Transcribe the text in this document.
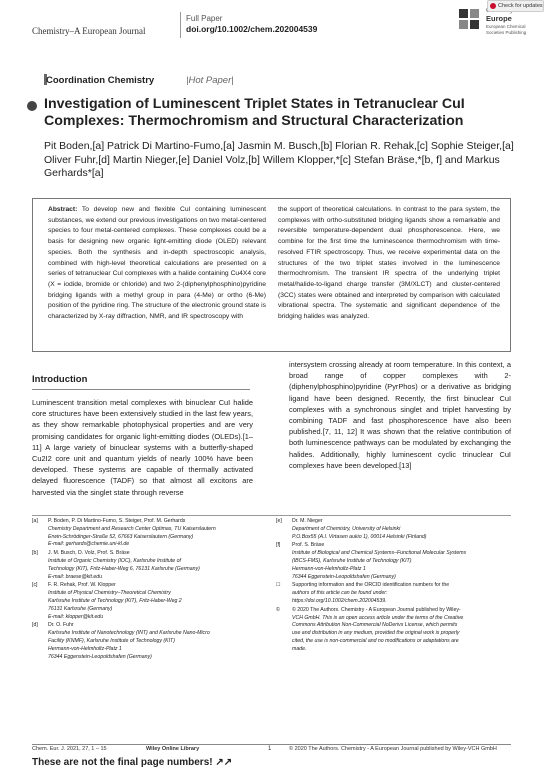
Chemistry–A European Journal
Full Paper
doi.org/10.1002/chem.202004539
Europe
European Chemical Societies Publishing
Check for updates
Coordination Chemistry	|Hot Paper|
Investigation of Luminescent Triplet States in Tetranuclear CuI Complexes: Thermochromism and Structural Characterization
Pit Boden,[a] Patrick Di Martino-Fumo,[a] Jasmin M. Busch,[b] Florian R. Rehak,[c] Sophie Steiger,[a] Oliver Fuhr,[d] Martin Nieger,[e] Daniel Volz,[b] Willem Klopper,*[c] Stefan Bräse,*[b, f] and Markus Gerhards*[a]
Abstract: To develop new and flexible CuI containing luminescent substances, we extend our previous investigations on two metal-centered species to four metal-centered complexes. These complexes could be a basis for designing new organic light-emitting diode (OLED) relevant species. Both the synthesis and in-depth spectroscopic analysis, combined with high-level theoretical calculations are presented on a series of tetranuclear CuI complexes with a halide containing Cu4X4 core (X = iodide, bromide or chloride) and two 2-(diphenylphosphino)pyridine bridging ligands with a methyl group in para (4-Me) or ortho (6-Me) position of the pyridine ring. The structure of the electronic ground state is characterized by X-ray diffraction, NMR, and IR spectroscopy with
the support of theoretical calculations. In contrast to the para system, the complexes with ortho-substituted bridging ligands show a remarkable and reversible temperature-dependent dual phosphorescence. Here, we combine for the first time the luminescence thermochromism with time-resolved FTIR spectroscopy. Thus, we receive experimental data on the structures of the two triplet states involved in the luminescence thermochromism. The transient IR spectra of the underlying triplet metal/halide-to-ligand charge transfer (3M/XLCT) and cluster-centered (3CC) states were obtained and interpreted by comparison with calculated vibrational spectra. The systematic and significant dependence of the bridging halides was analyzed.
Introduction
Luminescent transition metal complexes with binuclear CuI halide core structures have been extensively studied in the last few years, as they show remarkable photophysical properties and are very promising candidates for organic light-emitting diodes (OLEDs).[1–11] A large variety of binuclear systems with a butterfly-shaped Cu2I2 core unit and quantum yields of nearly 100% have been developed. These systems are capable of thermally activated delayed fluorescence (TADF) so that almost all excitons are harvested via the singlet state through reverse
intersystem crossing already at room temperature. In this context, a broad range of copper complexes with 2-(diphenylphosphino)pyridine (PyrPhos) or a derivative as bridging ligand have been designed. Recently, the first binuclear CuI complexes with a synchronous singlet and triplet harvesting by combining TADF and fast phosphorescence have also been published.[7, 11, 12] It was shown that the relative contribution of both luminescence pathways can be modulated by exchanging the halides. Additionally, highly luminescent cyclic trinuclear CuI complexes have been developed.[13]
[a]	P. Boden, P. Di Martino-Fumo, S. Steiger, Prof. M. Gerhards
Chemistry Department and Research Center Optimas, TU Kaiserslautern
Erwin-Schrödinger-Straße 52, 67663 Kaiserslautern (Germany)
E-mail: gerhards@chemie.uni-kl.de
[b]	J. M. Busch, D. Volz, Prof. S. Bräse
Institute of Organic Chemistry (IOC), Karlsruhe Institute of
Technology (KIT), Fritz-Haber-Weg 6, 76131 Karlsruhe (Germany)
E-mail: braese@kit.edu
[c]	F. R. Rehak, Prof. W. Klopper
Institute of Physical Chemistry–Theoretical Chemistry
Karlsruhe Institute of Technology (KIT), Fritz-Haber-Weg 2
76131 Karlsruhe (Germany)
E-mail: klopper@kit.edu
[d]	Dr. O. Fuhr
Karlsruhe Institute of Nanotechnology (INT) and Karlsruhe Nano-Micro
Facility (KNMF), Karlsruhe Institute of Technology (KIT)
Hermann-von-Helmholtz-Platz 1
76344 Eggenstein-Leopoldshafen (Germany)
[e]	Dr. M. Nieger
Department of Chemistry, University of Helsinki
P.O.Box55 (A.I. Virtasen aukio 1), 00014 Helsinki (Finland)
[f]	Prof. S. Bräse
Institute of Biological and Chemical Systems–Functional Molecular Systems
(IBCS-FMS), Karlsruhe Institute of Technology (KIT)
Hermann-von-Helmholtz-Platz 1
76344 Eggenstein-Leopoldshafen (Germany)
☐	Supporting information and the ORCID identification numbers for the
authors of this article can be found under:
https://doi.org/10.1002/chem.202004539.
©	© 2020 The Authors. Chemistry - A European Journal published by Wiley-
VCH GmbH. This is an open access article under the terms of the Creative
Commons Attribution Non-Commercial NoDerivs License, which permits
use and distribution in any medium, provided the original work is properly
cited, the use is non-commercial and no modifications or adaptations are
made.
Chem. Eur. J. 2021, 27, 1 – 15	Wiley Online Library	1	© 2020 The Authors. Chemistry - A European Journal published by Wiley-VCH GmbH
These are not the final page numbers! ↗↗
